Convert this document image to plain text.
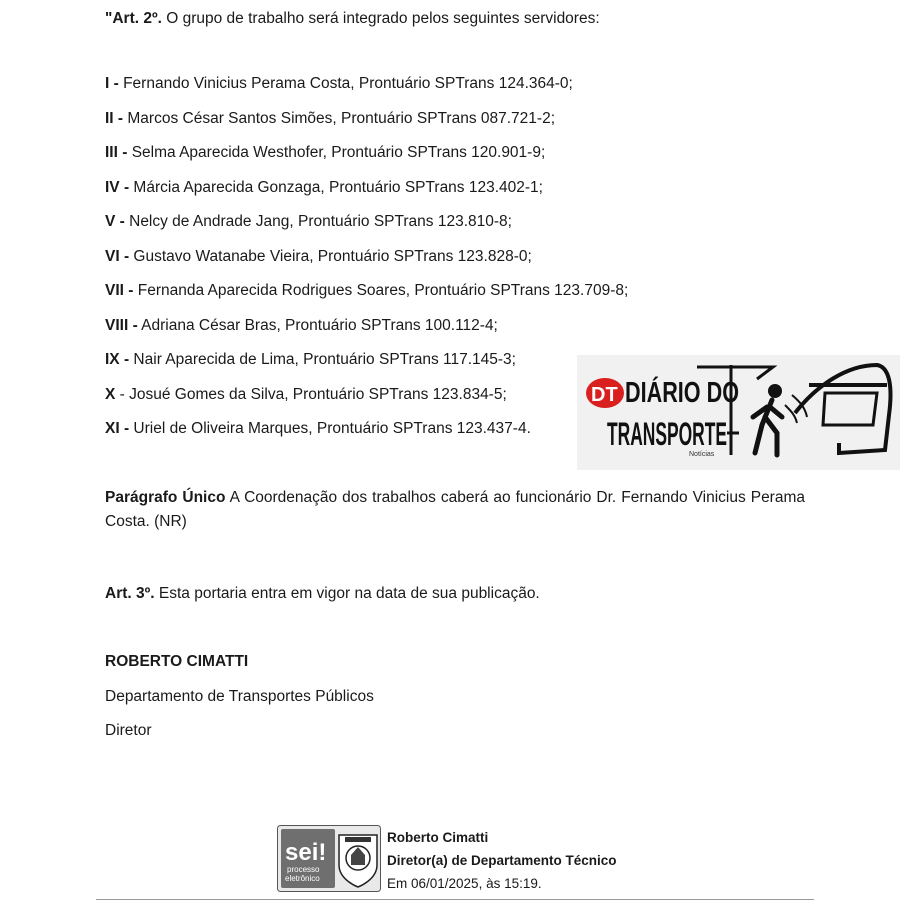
"Art. 2º. O grupo de trabalho será integrado pelos seguintes servidores:
I - Fernando Vinicius Perama Costa, Prontuário SPTrans 124.364-0;
II - Marcos César Santos Simões, Prontuário SPTrans 087.721-2;
III - Selma Aparecida Westhofer, Prontuário SPTrans 120.901-9;
IV - Márcia Aparecida Gonzaga, Prontuário SPTrans 123.402-1;
V - Nelcy de Andrade Jang, Prontuário SPTrans 123.810-8;
VI - Gustavo Watanabe Vieira, Prontuário SPTrans 123.828-0;
VII - Fernanda Aparecida Rodrigues Soares, Prontuário SPTrans 123.709-8;
VIII - Adriana César Bras, Prontuário SPTrans 100.112-4;
IX - Nair Aparecida de Lima, Prontuário SPTrans 117.145-3;
X - Josué Gomes da Silva, Prontuário SPTrans 123.834-5;
XI - Uriel de Oliveira Marques, Prontuário SPTrans 123.437-4.
DT DIÁRIO DO
TRANSPORTE
Notícias
Parágrafo Único A Coordenação dos trabalhos caberá ao funcionário Dr. Fernando Vinicius Perama Costa. (NR)
Art. 3º. Esta portaria entra em vigor na data de sua publicação.
ROBERTO CIMATTI
Departamento de Transportes Públicos
Diretor
sei!
processo
eletrônico
Roberto Cimatti
Diretor(a) de Departamento Técnico
Em 06/01/2025, às 15:19.
